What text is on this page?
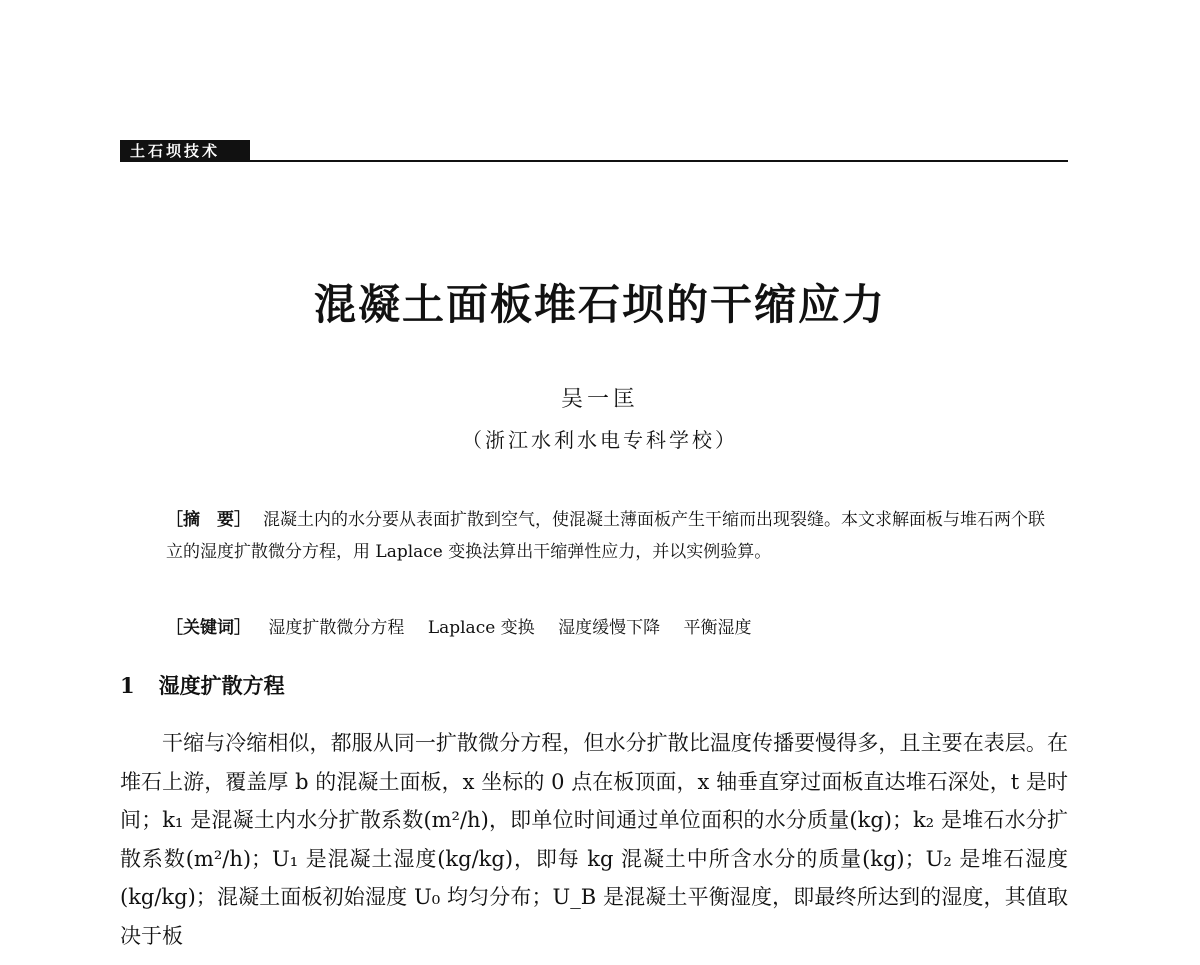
土石坝技术
混凝土面板堆石坝的干缩应力
吴一匡
（浙江水利水电专科学校）
［摘　要］ 混凝土内的水分要从表面扩散到空气，使混凝土薄面板产生干缩而出现裂缝。本文求解面板与堆石两个联立的湿度扩散微分方程，用 Laplace 变换法算出干缩弹性应力，并以实例验算。
［关键词］ 湿度扩散微分方程 Laplace 变换 湿度缓慢下降 平衡湿度
1 湿度扩散方程

干缩与冷缩相似，都服从同一扩散微分方程，但水分扩散比温度传播要慢得多，且主要在表层。在堆石上游，覆盖厚 b 的混凝土面板，x 坐标的 0 点在板顶面，x 轴垂直穿过面板直达堆石深处，t 是时间；k₁ 是混凝土内水分扩散系数(m²/h)，即单位时间通过单位面积的水分质量(kg)；k₂ 是堆石水分扩散系数(m²/h)；U₁ 是混凝土湿度(kg/kg)，即每 kg 混凝土中所含水分的质量(kg)；U₂ 是堆石湿度(kg/kg)；混凝土面板初始湿度 U₀ 均匀分布；U_B 是混凝土平衡湿度，即最终所达到的湿度，其值取决于板
